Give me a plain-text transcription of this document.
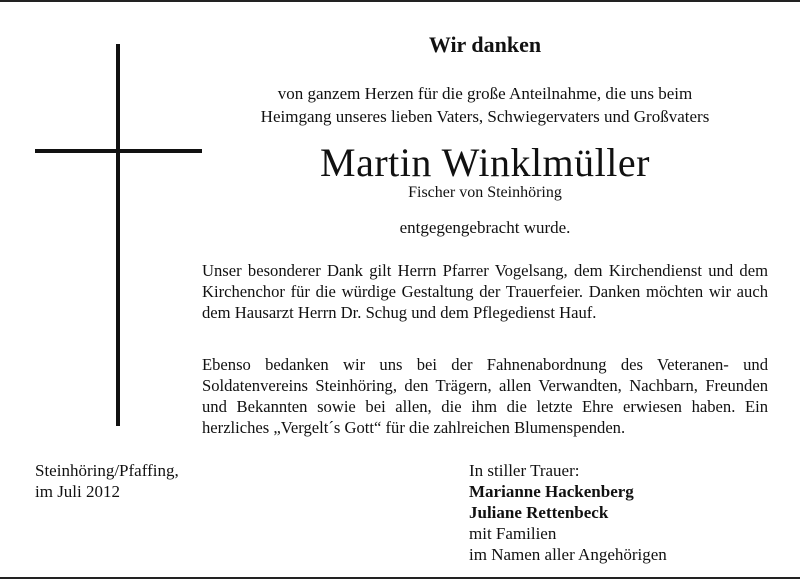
Wir danken
von ganzem Herzen für die große Anteilnahme, die uns beim
Heimgang unseres lieben Vaters, Schwiegervaters und Großvaters
Martin Winklmüller
Fischer von Steinhöring
entgegengebracht wurde.

Unser besonderer Dank gilt Herrn Pfarrer Vogelsang, dem Kirchendienst und dem Kirchenchor für die würdige Gestaltung der Trauerfeier. Danken möchten wir auch dem Hausarzt Herrn Dr. Schug und dem Pflegedienst Hauf.

Ebenso bedanken wir uns bei der Fahnenabordnung des Veteranen- und Soldatenvereins Steinhöring, den Trägern, allen Verwandten, Nachbarn, Freunden und Bekannten sowie bei allen, die ihm die letzte Ehre erwiesen haben. Ein herzliches „Vergelt´s Gott“ für die zahlreichen Blumenspenden.

Steinhöring/Pfaffing,
im Juli 2012
In stiller Trauer:
Marianne Hackenberg
Juliane Rettenbeck
mit Familien
im Namen aller Angehörigen
